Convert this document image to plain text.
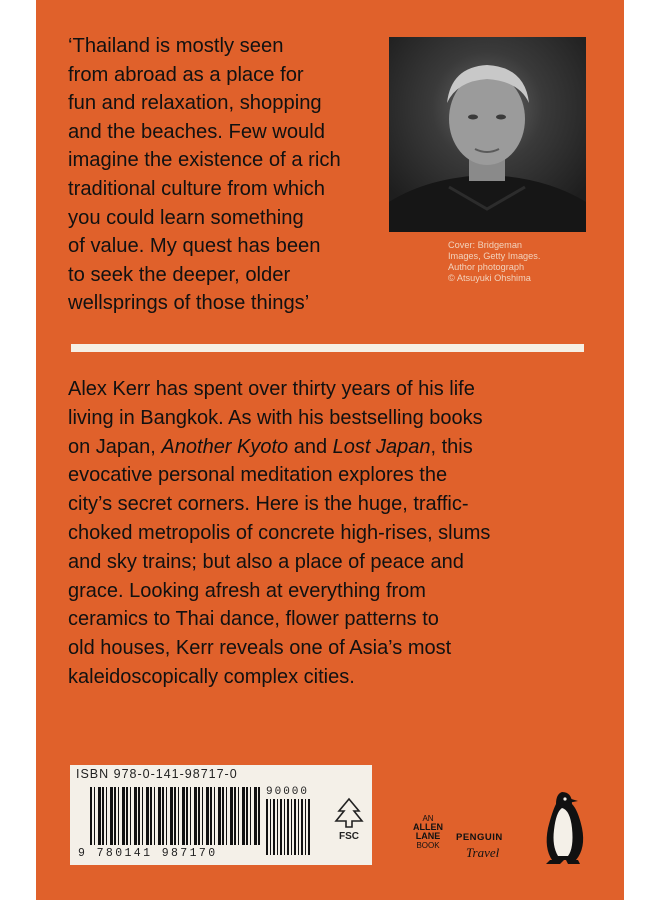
‘Thailand is mostly seen
from abroad as a place for
fun and relaxation, shopping
and the beaches. Few would
imagine the existence of a rich
traditional culture from which
you could learn something
of value. My quest has been
to seek the deeper, older
wellsprings of those things’

Cover: Bridgeman
Images, Getty Images.
Author photograph
© Atsuyuki Ohshima

Alex Kerr has spent over thirty years of his life
living in Bangkok. As with his bestselling books
on Japan, Another Kyoto and Lost Japan, this
evocative personal meditation explores the
city’s secret corners. Here is the huge, traffic-
choked metropolis of concrete high-rises, slums
and sky trains; but also a place of peace and
grace. Looking afresh at everything from
ceramics to Thai dance, flower patterns to
old houses, Kerr reveals one of Asia’s most
kaleidoscopically complex cities.

ISBN 978-0-141-98717-0
9 780141 987170
90000
FSC
AN
ALLEN
LANE
BOOK
PENGUIN
Travel
